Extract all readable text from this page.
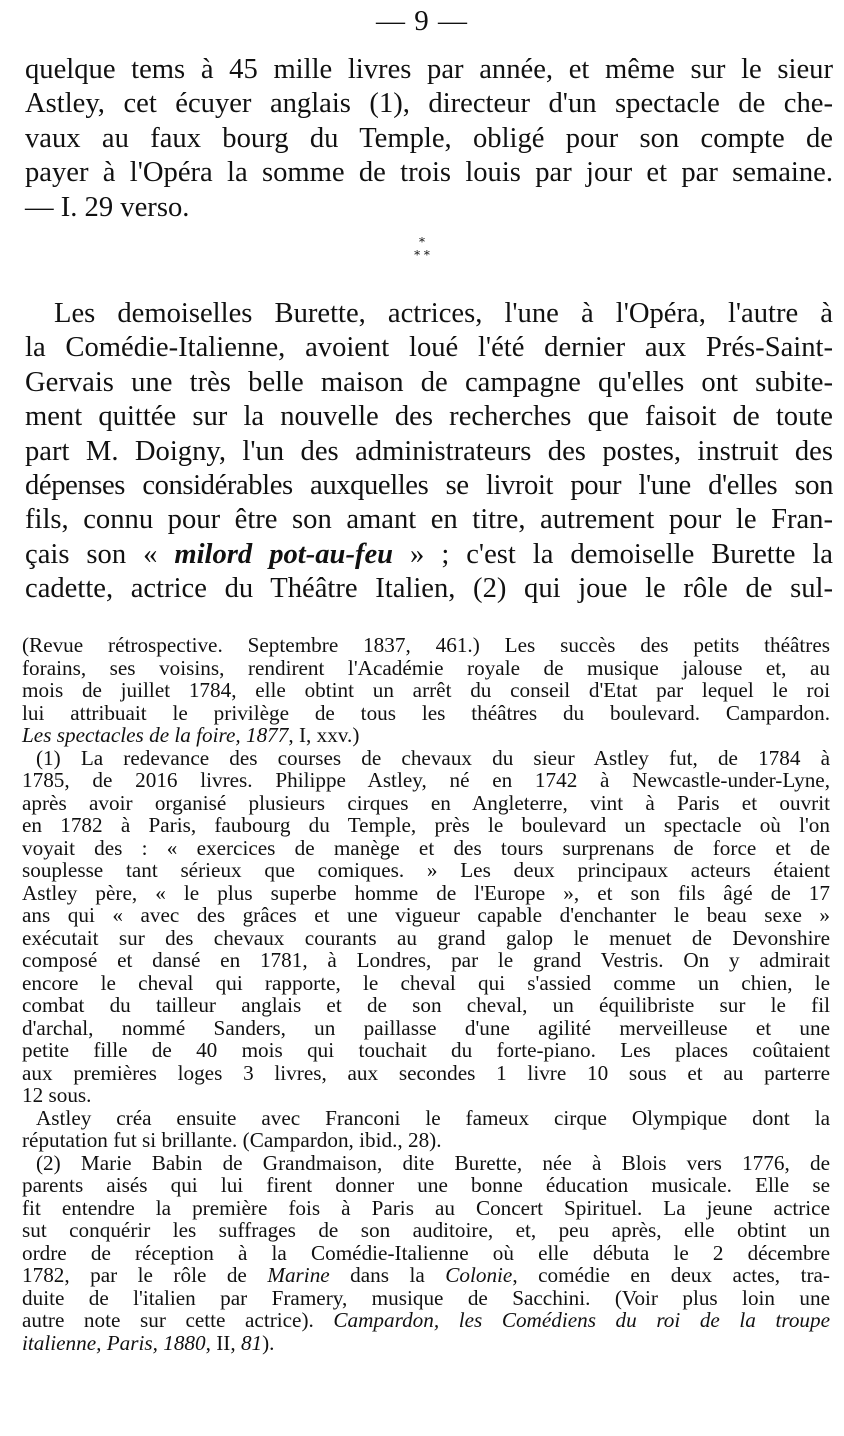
— 9 —
quelque tems à 45 mille livres par année, et même sur le sieur
Astley, cet écuyer anglais (1), directeur d'un spectacle de che-
vaux au faux bourg du Temple, obligé pour son compte de
payer à l'Opéra la somme de trois louis par jour et par semaine.
— I. 29 verso.
*
* *
Les demoiselles Burette, actrices, l'une à l'Opéra, l'autre à
la Comédie-Italienne, avoient loué l'été dernier aux Prés-Saint-
Gervais une très belle maison de campagne qu'elles ont subite-
ment quittée sur la nouvelle des recherches que faisoit de toute
part M. Doigny, l'un des administrateurs des postes, instruit des
dépenses considérables auxquelles se livroit pour l'une d'elles son
fils, connu pour être son amant en titre, autrement pour le Fran-
çais son « milord pot-au-feu » ; c'est la demoiselle Burette la
cadette, actrice du Théâtre Italien, (2) qui joue le rôle de sul-
(Revue rétrospective. Septembre 1837, 461.) Les succès des petits théâtres
forains, ses voisins, rendirent l'Académie royale de musique jalouse et, au
mois de juillet 1784, elle obtint un arrêt du conseil d'Etat par lequel le roi
lui attribuait le privilège de tous les théâtres du boulevard. Campardon.
Les spectacles de la foire, 1877, I, xxv.)
(1) La redevance des courses de chevaux du sieur Astley fut, de 1784 à
1785, de 2016 livres. Philippe Astley, né en 1742 à Newcastle-under-Lyne,
après avoir organisé plusieurs cirques en Angleterre, vint à Paris et ouvrit
en 1782 à Paris, faubourg du Temple, près le boulevard un spectacle où l'on
voyait des : « exercices de manège et des tours surprenans de force et de
souplesse tant sérieux que comiques. » Les deux principaux acteurs étaient
Astley père, « le plus superbe homme de l'Europe », et son fils âgé de 17
ans qui « avec des grâces et une vigueur capable d'enchanter le beau sexe »
exécutait sur des chevaux courants au grand galop le menuet de Devonshire
composé et dansé en 1781, à Londres, par le grand Vestris. On y admirait
encore le cheval qui rapporte, le cheval qui s'assied comme un chien, le
combat du tailleur anglais et de son cheval, un équilibriste sur le fil
d'archal, nommé Sanders, un paillasse d'une agilité merveilleuse et une
petite fille de 40 mois qui touchait du forte-piano. Les places coûtaient
aux premières loges 3 livres, aux secondes 1 livre 10 sous et au parterre
12 sous.
Astley créa ensuite avec Franconi le fameux cirque Olympique dont la
réputation fut si brillante. (Campardon, ibid., 28).
(2) Marie Babin de Grandmaison, dite Burette, née à Blois vers 1776, de
parents aisés qui lui firent donner une bonne éducation musicale. Elle se
fit entendre la première fois à Paris au Concert Spirituel. La jeune actrice
sut conquérir les suffrages de son auditoire, et, peu après, elle obtint un
ordre de réception à la Comédie-Italienne où elle débuta le 2 décembre
1782, par le rôle de Marine dans la Colonie, comédie en deux actes, tra-
duite de l'italien par Framery, musique de Sacchini. (Voir plus loin une
autre note sur cette actrice). Campardon, les Comédiens du roi de la troupe
italienne, Paris, 1880, II, 81).
